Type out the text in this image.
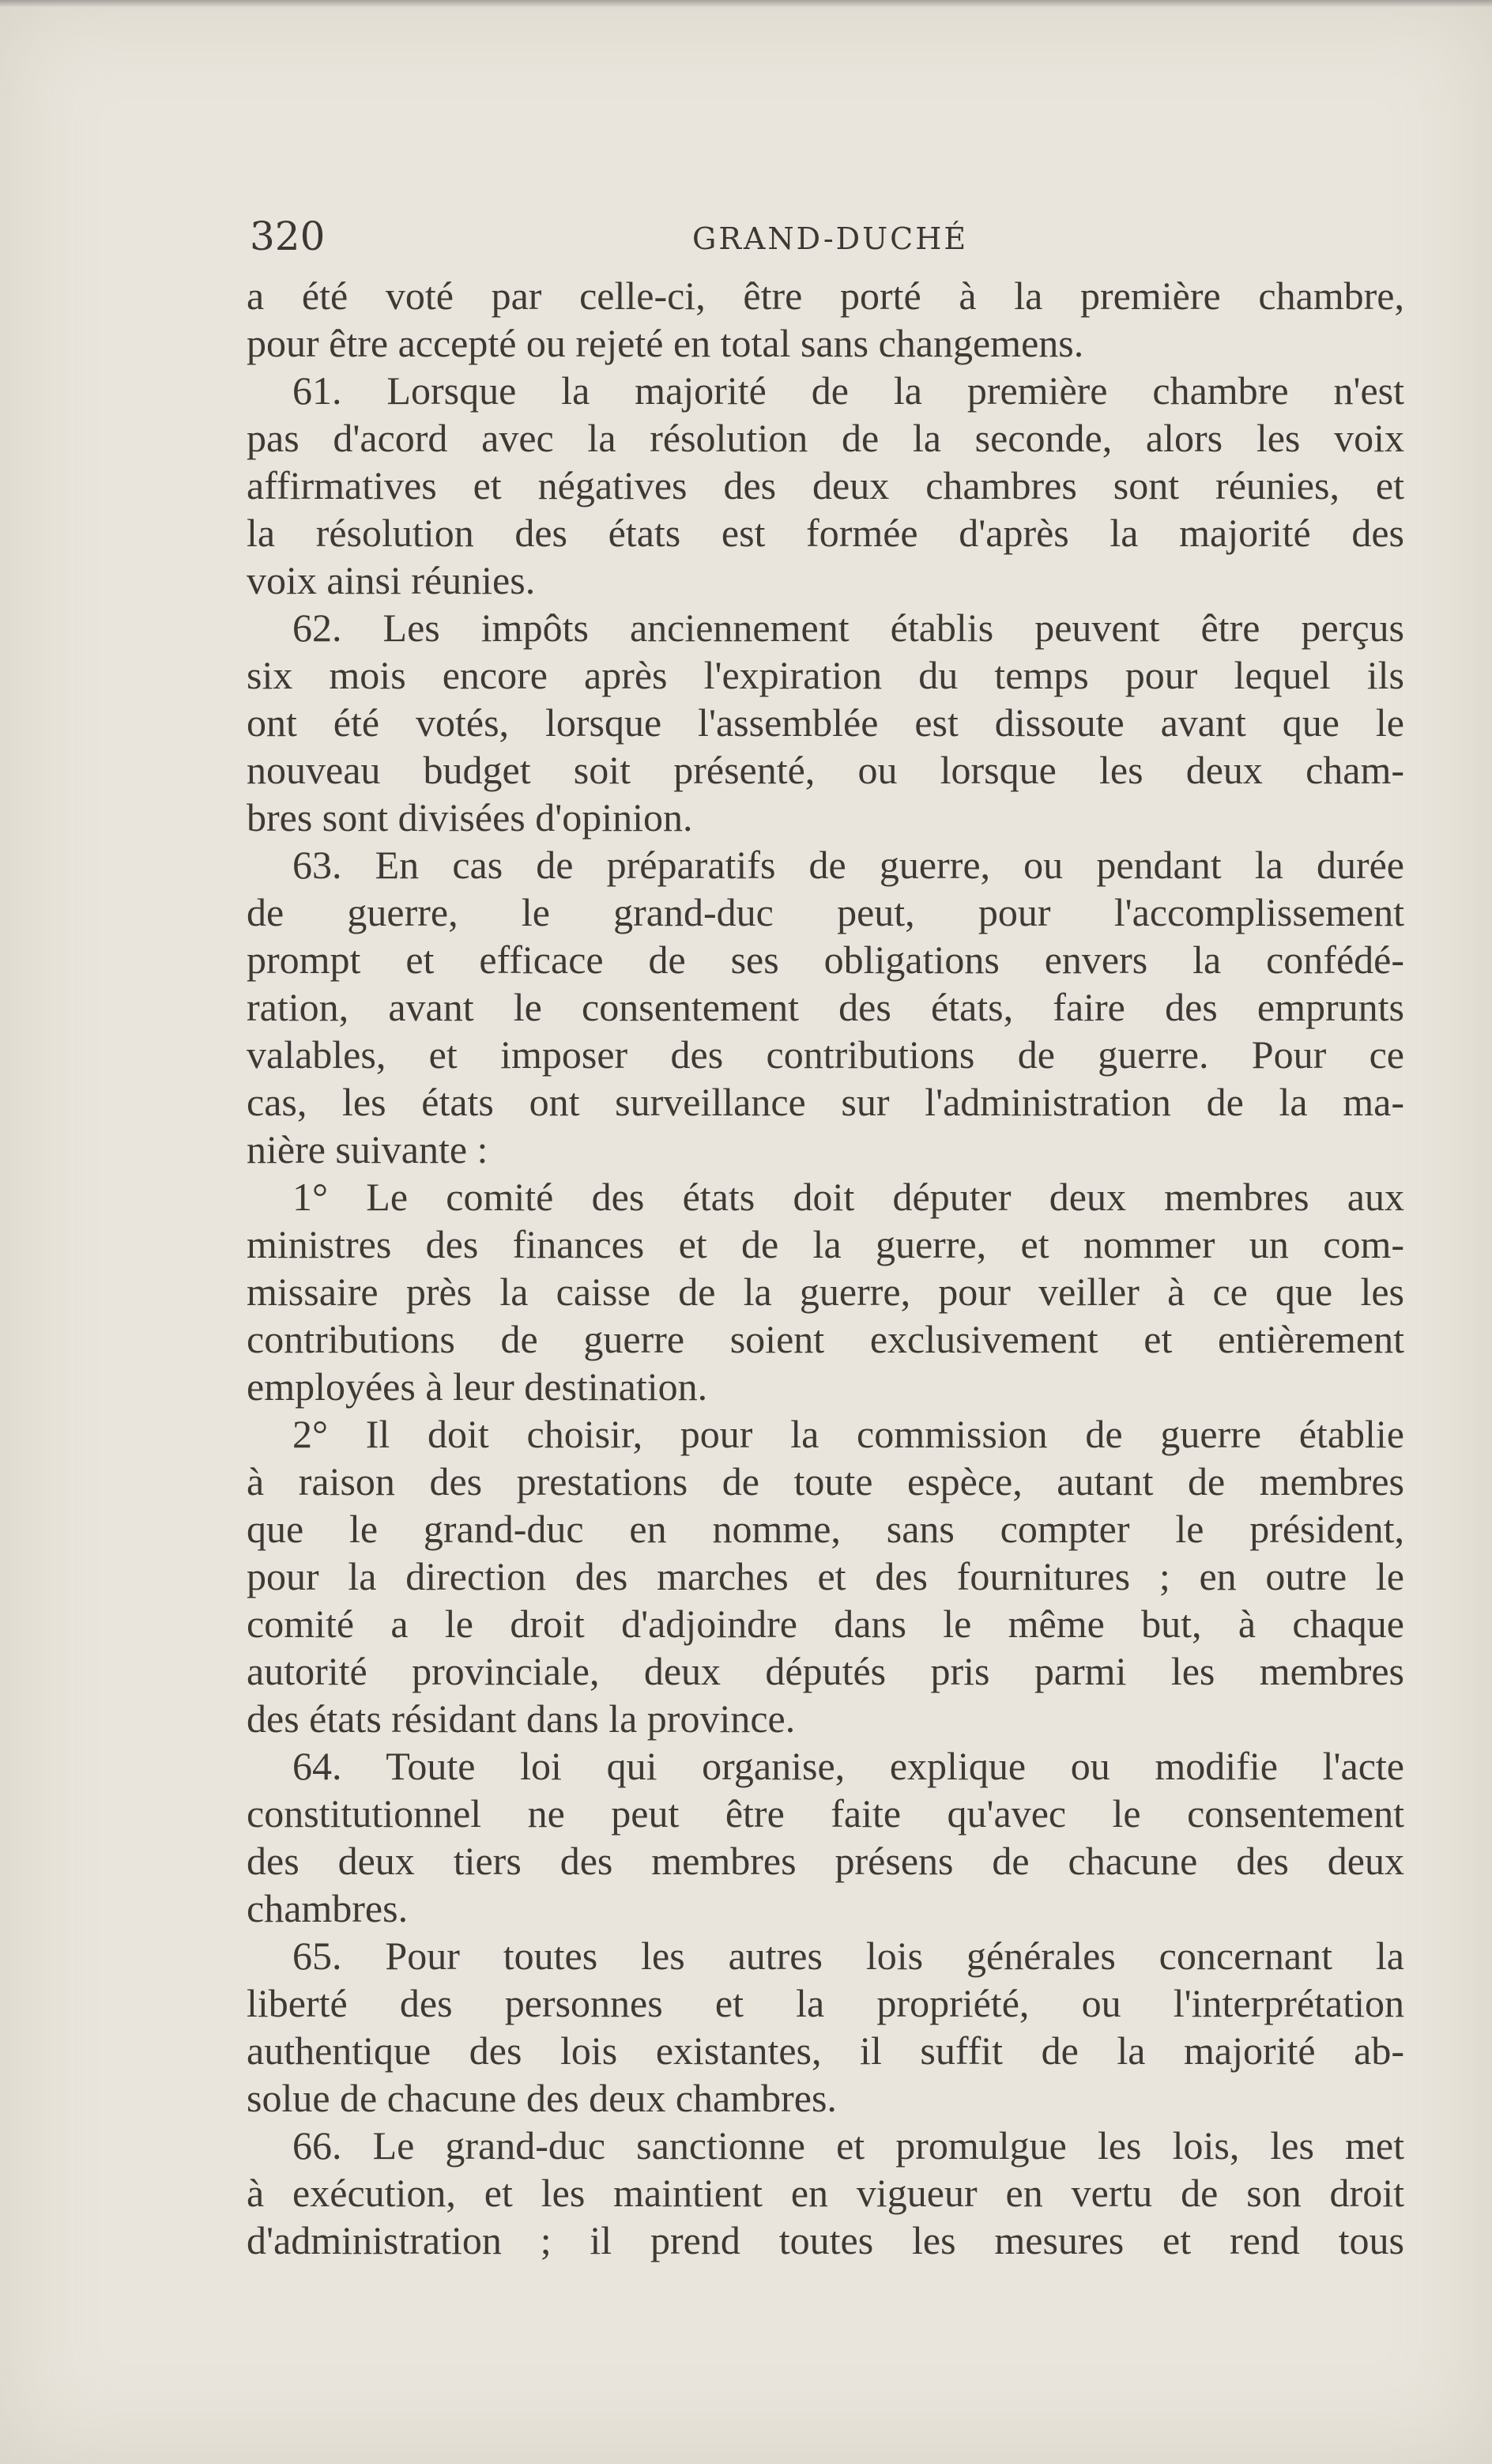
320	GRAND-DUCHÉ
a été voté par celle-ci, être porté à la première chambre,
pour être accepté ou rejeté en total sans changemens.
61. Lorsque la majorité de la première chambre n'est
pas d'acord avec la résolution de la seconde, alors les voix
affirmatives et négatives des deux chambres sont réunies, et
la résolution des états est formée d'après la majorité des
voix ainsi réunies.
62. Les impôts anciennement établis peuvent être perçus
six mois encore après l'expiration du temps pour lequel ils
ont été votés, lorsque l'assemblée est dissoute avant que le
nouveau budget soit présenté, ou lorsque les deux cham-
bres sont divisées d'opinion.
63. En cas de préparatifs de guerre, ou pendant la durée
de guerre, le grand-duc peut, pour l'accomplissement
prompt et efficace de ses obligations envers la confédé-
ration, avant le consentement des états, faire des emprunts
valables, et imposer des contributions de guerre. Pour ce
cas, les états ont surveillance sur l'administration de la ma-
nière suivante :
1° Le comité des états doit députer deux membres aux
ministres des finances et de la guerre, et nommer un com-
missaire près la caisse de la guerre, pour veiller à ce que les
contributions de guerre soient exclusivement et entièrement
employées à leur destination.
2° Il doit choisir, pour la commission de guerre établie
à raison des prestations de toute espèce, autant de membres
que le grand-duc en nomme, sans compter le président,
pour la direction des marches et des fournitures ; en outre le
comité a le droit d'adjoindre dans le même but, à chaque
autorité provinciale, deux députés pris parmi les membres
des états résidant dans la province.
64. Toute loi qui organise, explique ou modifie l'acte
constitutionnel ne peut être faite qu'avec le consentement
des deux tiers des membres présens de chacune des deux
chambres.
65. Pour toutes les autres lois générales concernant la
liberté des personnes et la propriété, ou l'interprétation
authentique des lois existantes, il suffit de la majorité ab-
solue de chacune des deux chambres.
66. Le grand-duc sanctionne et promulgue les lois, les met
à exécution, et les maintient en vigueur en vertu de son droit
d'administration ; il prend toutes les mesures et rend tous
